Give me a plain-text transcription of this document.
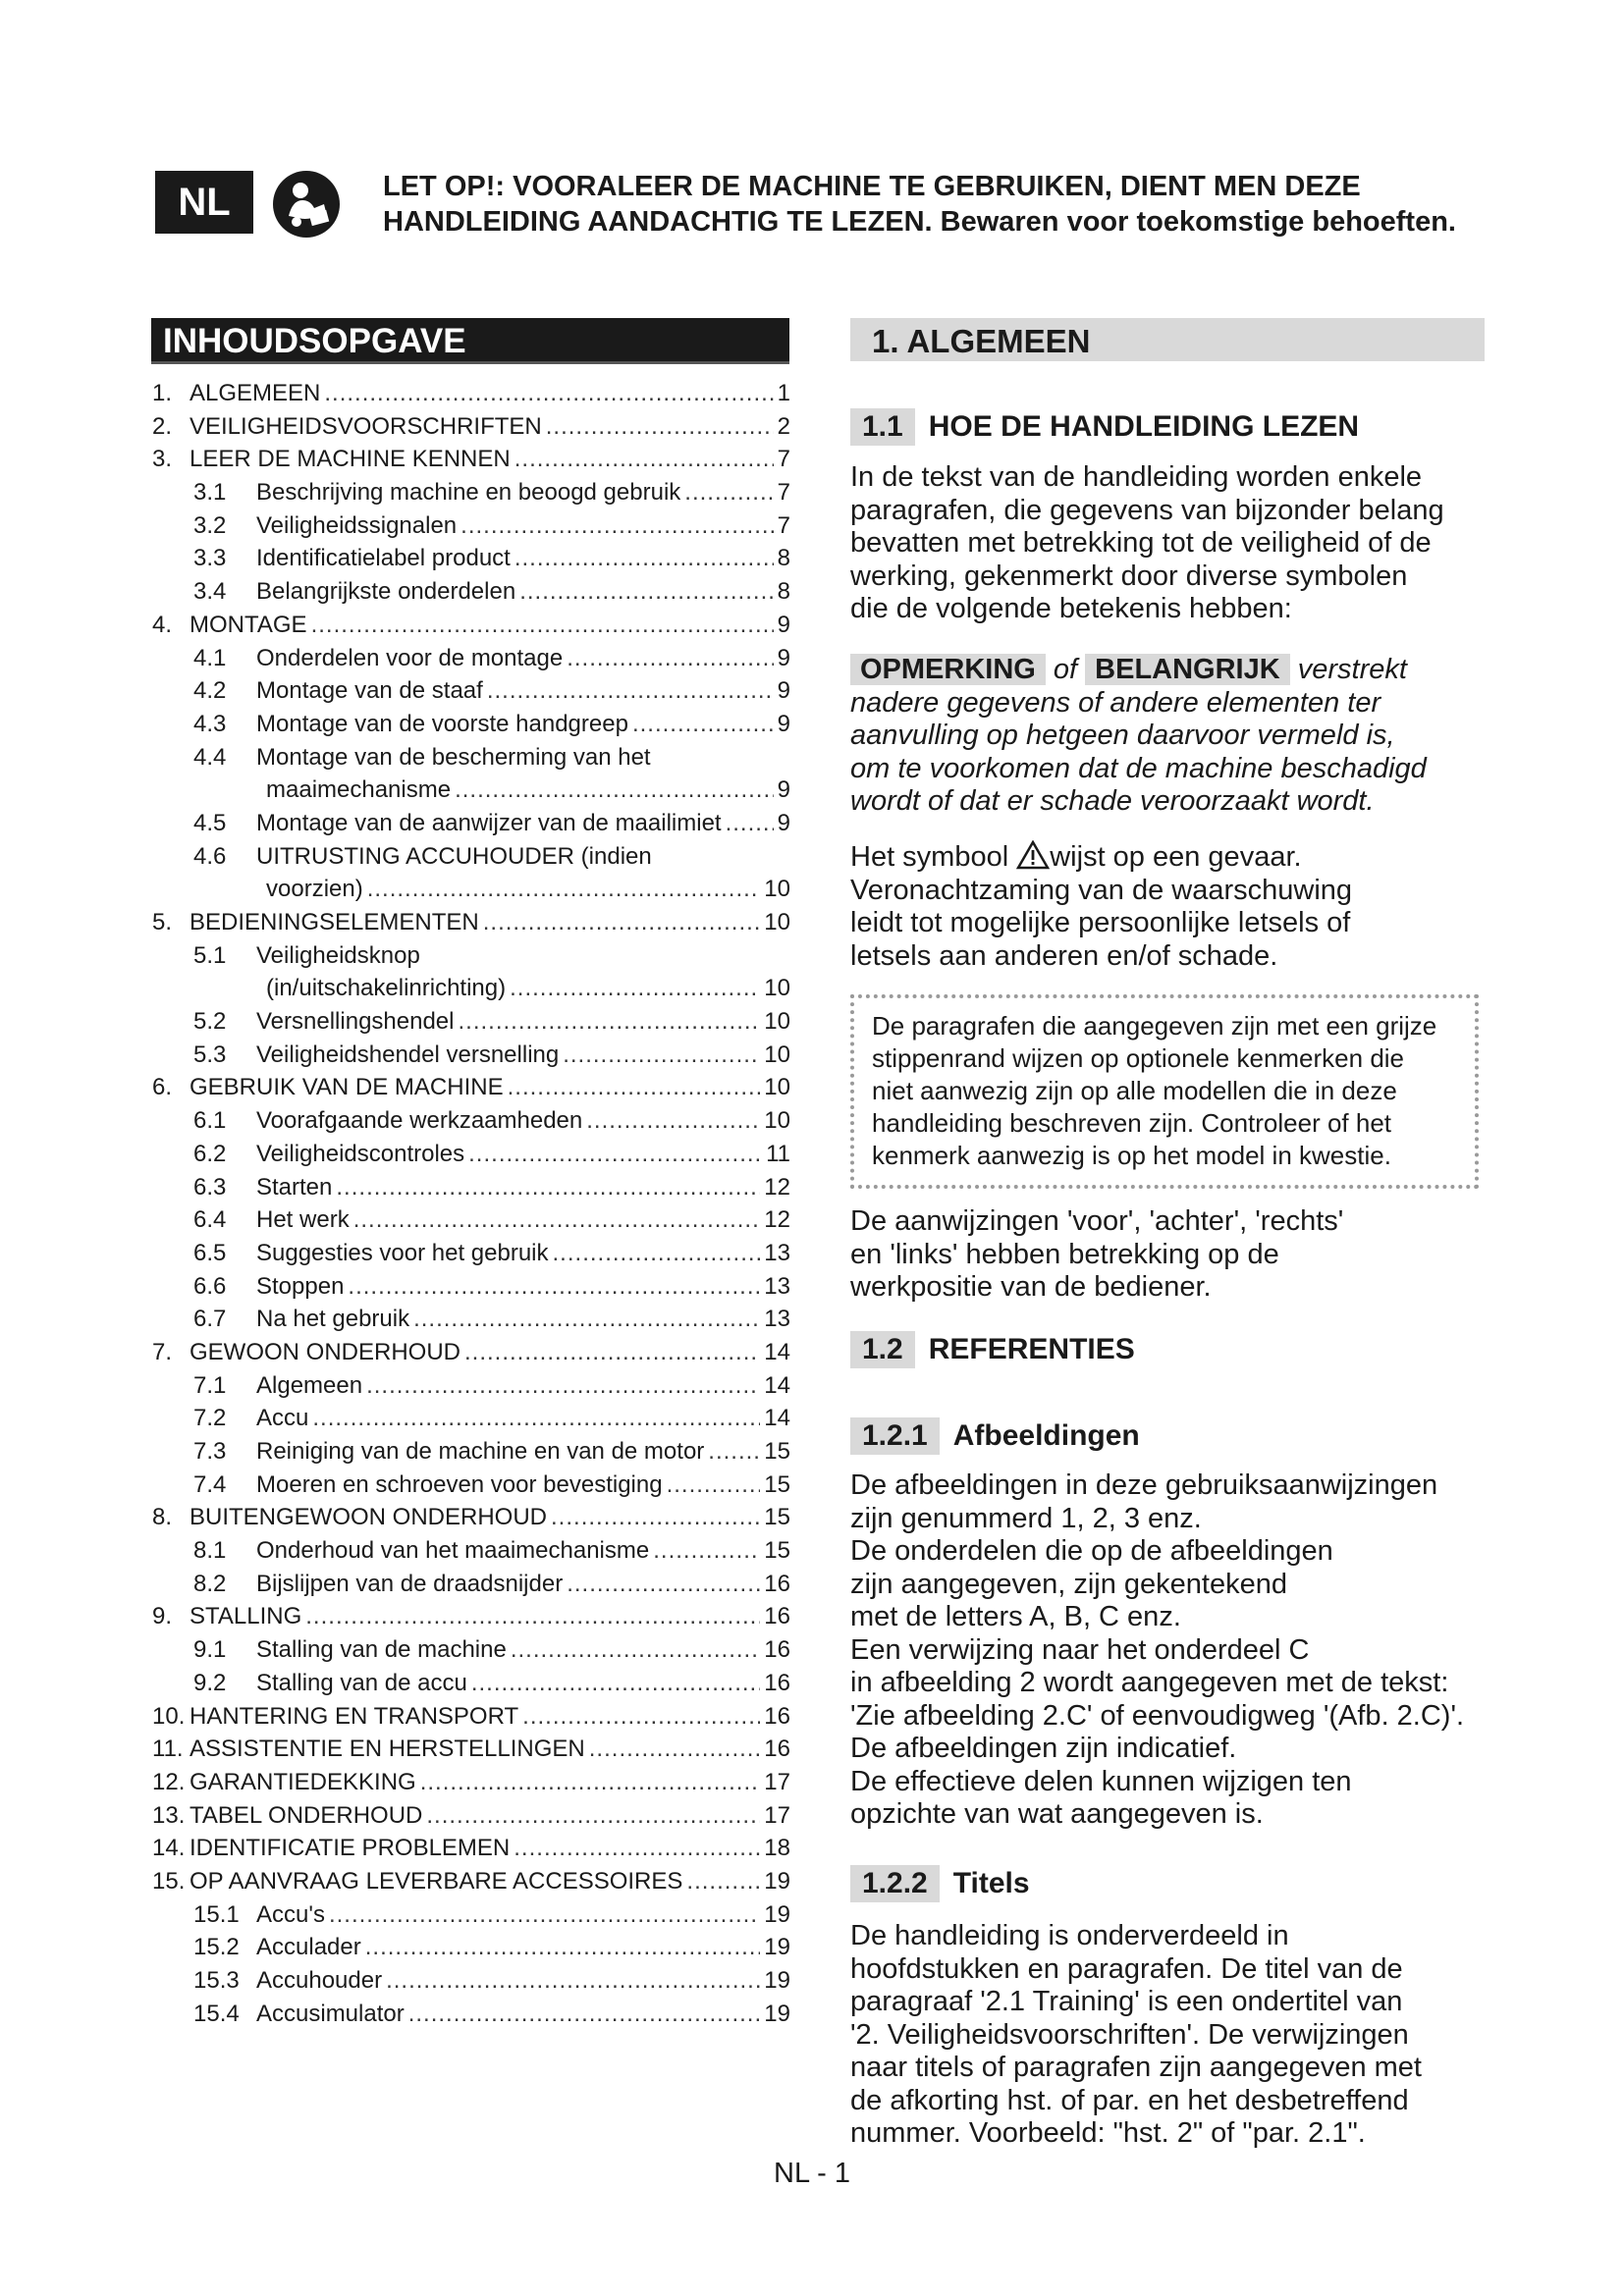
NL	LET OP!: VOORALEER DE MACHINE TE GEBRUIKEN, DIENT MEN DEZE
HANDLEIDING AANDACHTIG TE LEZEN. Bewaren voor toekomstige behoeften.
INHOUDSOPGAVE
1. ALGEMEEN .....	1
2. VEILIGHEIDSVOORSCHRIFTEN .....	2
3. LEER DE MACHINE KENNEN .....	7
3.1	Beschrijving machine en beoogd gebruik .....	7
3.2	Veiligheidssignalen .....	7
3.3	Identificatielabel product .....	8
3.4	Belangrijkste onderdelen .....	8
4. MONTAGE .....	9
4.1	Onderdelen voor de montage .....	9
4.2	Montage van de staaf .....	9
4.3	Montage van de voorste handgreep .....	9
4.4	Montage van de bescherming van het
maaimechanisme .....	9
4.5	Montage van de aanwijzer van de maailimiet ..... 9
4.6	UITRUSTING ACCUHOUDER (indien
voorzien) .....	10
5. BEDIENINGSELEMENTEN .....	10
5.1	Veiligheidsknop
(in/uitschakelinrichting) .....	10
5.2	Versnellingshendel .....	10
5.3	Veiligheidshendel versnelling .....	10
6. GEBRUIK VAN DE MACHINE .....	10
6.1	Voorafgaande werkzaamheden .....	10
6.2	Veiligheidscontroles .....	11
6.3	Starten .....	12
6.4	Het werk .....	12
6.5	Suggesties voor het gebruik .....	13
6.6	Stoppen .....	13
6.7	Na het gebruik .....	13
7. GEWOON ONDERHOUD .....	14
7.1	Algemeen .....	14
7.2	Accu .....	14
7.3	Reiniging van de machine en van de motor .....	15
7.4	Moeren en schroeven voor bevestiging .....	15
8. BUITENGEWOON ONDERHOUD .....	15
8.1	Onderhoud van het maaimechanisme .....	15
8.2	Bijslijpen van de draadsnijder .....	16
9. STALLING .....	16
9.1	Stalling van de machine .....	16
9.2	Stalling van de accu .....	16
10. HANTERING EN TRANSPORT .....	16
11. ASSISTENTIE EN HERSTELLINGEN .....	16
12. GARANTIEDEKKING .....	17
13. TABEL ONDERHOUD .....	17
14. IDENTIFICATIE PROBLEMEN .....	18
15. OP AANVRAAG LEVERBARE ACCESSOIRES .....	19
15.1 Accu's .....	19
15.2 Acculader .....	19
15.3 Accuhouder .....	19
15.4 Accusimulator .....	19
1. ALGEMEEN
1.1 HOE DE HANDLEIDING LEZEN
In de tekst van de handleiding worden enkele
paragrafen, die gegevens van bijzonder belang
bevatten met betrekking tot de veiligheid of de
werking, gekenmerkt door diverse symbolen
die de volgende betekenis hebben:
OPMERKING of BELANGRIJK verstrekt
nadere gegevens of andere elementen ter
aanvulling op hetgeen daarvoor vermeld is,
om te voorkomen dat de machine beschadigd
wordt of dat er schade veroorzaakt wordt.
Het symbool wijst op een gevaar.
Veronachtzaming van de waarschuwing
leidt tot mogelijke persoonlijke letsels of
letsels aan anderen en/of schade.
De paragrafen die aangegeven zijn met een grijze
stippenrand wijzen op optionele kenmerken die
niet aanwezig zijn op alle modellen die in deze
handleiding beschreven zijn. Controleer of het
kenmerk aanwezig is op het model in kwestie.
De aanwijzingen 'voor', 'achter', 'rechts'
en 'links' hebben betrekking op de
werkpositie van de bediener.
1.2 REFERENTIES
1.2.1 Afbeeldingen
De afbeeldingen in deze gebruiksaanwijzingen
zijn genummerd 1, 2, 3 enz.
De onderdelen die op de afbeeldingen
zijn aangegeven, zijn gekentekend
met de letters A, B, C enz.
Een verwijzing naar het onderdeel C
in afbeelding 2 wordt aangegeven met de tekst:
'Zie afbeelding 2.C' of eenvoudigweg '(Afb. 2.C)'.
De afbeeldingen zijn indicatief.
De effectieve delen kunnen wijzigen ten
opzichte van wat aangegeven is.
1.2.2 Titels
De handleiding is onderverdeeld in
hoofdstukken en paragrafen. De titel van de
paragraaf '2.1 Training' is een ondertitel van
'2. Veiligheidsvoorschriften'. De verwijzingen
naar titels of paragrafen zijn aangegeven met
de afkorting hst. of par. en het desbetreffend
nummer. Voorbeeld: "hst. 2" of "par. 2.1".
NL - 1
